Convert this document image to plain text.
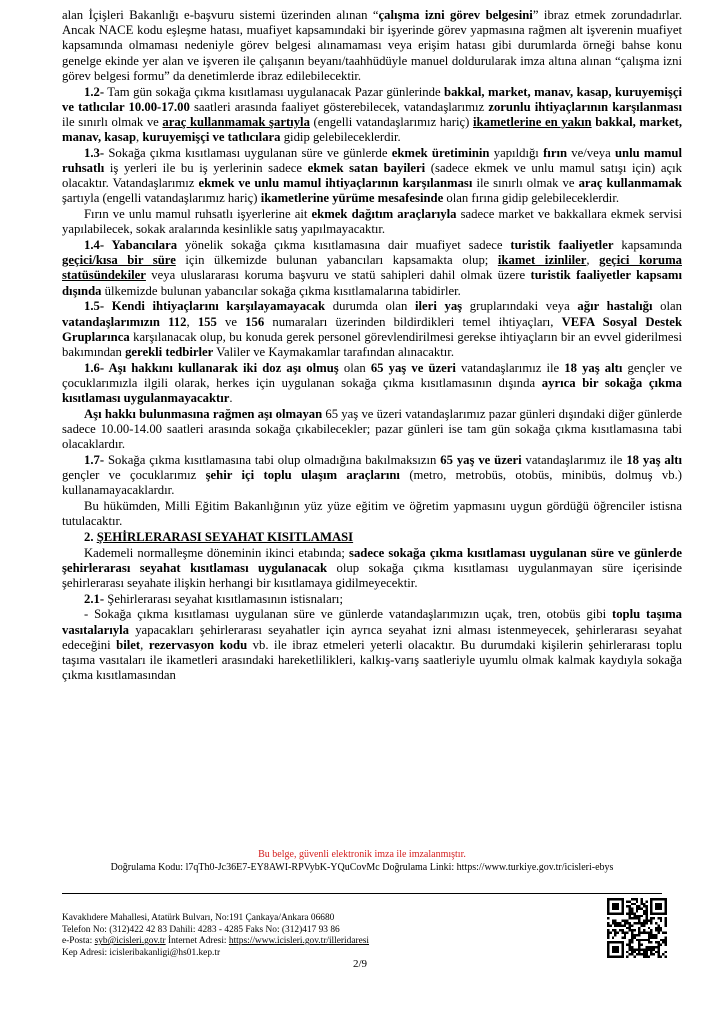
alan İçişleri Bakanlığı e-başvuru sistemi üzerinden alınan “çalışma izni görev belgesini” ibraz etmek zorundadırlar. Ancak NACE kodu eşleşme hatası, muafiyet kapsamındaki bir işyerinde görev yapmasına rağmen alt işverenin muafiyet kapsamında olmaması nedeniyle görev belgesi alınamaması veya erişim hatası gibi durumlarda örneği bahse konu genelge ekinde yer alan ve işveren ile çalışanın beyanı/taahhüdüyle manuel doldurularak imza altına alınan “çalışma izni görev belgesi formu” da denetimlerde ibraz edilebilecektir.

1.2- Tam gün sokağa çıkma kısıtlaması uygulanacak Pazar günlerinde bakkal, market, manav, kasap, kuruyemişçi ve tatlıcılar 10.00-17.00 saatleri arasında faaliyet gösterebilecek, vatandaşlarımız zorunlu ihtiyaçlarının karşılanması ile sınırlı olmak ve araç kullanmamak şartıyla (engelli vatandaşlarımız hariç) ikametlerine en yakın bakkal, market, manav, kasap, kuruyemişçi ve tatlıcılara gidip gelebileceklerdir.

1.3- Sokağa çıkma kısıtlaması uygulanan süre ve günlerde ekmek üretiminin yapıldığı fırın ve/veya unlu mamul ruhsatlı iş yerleri ile bu iş yerlerinin sadece ekmek satan bayileri (sadece ekmek ve unlu mamul satışı için) açık olacaktır. Vatandaşlarımız ekmek ve unlu mamul ihtiyaçlarının karşılanması ile sınırlı olmak ve araç kullanmamak şartıyla (engelli vatandaşlarımız hariç) ikametlerine yürüme mesafesinde olan fırına gidip gelebileceklerdir.

Fırın ve unlu mamul ruhsatlı işyerlerine ait ekmek dağıtım araçlarıyla sadece market ve bakkallara ekmek servisi yapılabilecek, sokak aralarında kesinlikle satış yapılmayacaktır.

1.4- Yabancılara yönelik sokağa çıkma kısıtlamasına dair muafiyet sadece turistik faaliyetler kapsamında geçici/kısa bir süre için ülkemizde bulunan yabancıları kapsamakta olup; ikamet izinliler, geçici koruma statüsündekiler veya uluslararası koruma başvuru ve statü sahipleri dahil olmak üzere turistik faaliyetler kapsamı dışında ülkemizde bulunan yabancılar sokağa çıkma kısıtlamalarına tabidirler.

1.5- Kendi ihtiyaçlarını karşılayamayacak durumda olan ileri yaş gruplarındaki veya ağır hastalığı olan vatandaşlarımızın 112, 155 ve 156 numaraları üzerinden bildirdikleri temel ihtiyaçları, VEFA Sosyal Destek Gruplarınca karşılanacak olup, bu konuda gerek personel görevlendirilmesi gerekse ihtiyaçların bir an evvel giderilmesi bakımından gerekli tedbirler Valiler ve Kaymakamlar tarafından alınacaktır.

1.6- Aşı hakkını kullanarak iki doz aşı olmuş olan 65 yaş ve üzeri vatandaşlarımız ile 18 yaş altı gençler ve çocuklarımızla ilgili olarak, herkes için uygulanan sokağa çıkma kısıtlamasının dışında ayrıca bir sokağa çıkma kısıtlaması uygulanmayacaktır.

Aşı hakkı bulunmasına rağmen aşı olmayan 65 yaş ve üzeri vatandaşlarımız pazar günleri dışındaki diğer günlerde sadece 10.00-14.00 saatleri arasında sokağa çıkabilecekler; pazar günleri ise tam gün sokağa çıkma kısıtlamasına tabi olacaklardır.

1.7- Sokağa çıkma kısıtlamasına tabi olup olmadığına bakılmaksızın 65 yaş ve üzeri vatandaşlarımız ile 18 yaş altı gençler ve çocuklarımız şehir içi toplu ulaşım araçlarını (metro, metrobüs, otobüs, minibüs, dolmuş vb.) kullanamayacaklardır.

Bu hükümden, Milli Eğitim Bakanlığının yüz yüze eğitim ve öğretim yapmasını uygun gördüğü öğrenciler istisna tutulacaktır.

2. ŞEHİRLERARASI SEYAHAT KISITLAMASI

Kademeli normalleşme döneminin ikinci etabında; sadece sokağa çıkma kısıtlaması uygulanan süre ve günlerde şehirlerarası seyahat kısıtlaması uygulanacak olup sokağa çıkma kısıtlaması uygulanmayan süre içerisinde şehirlerarası seyahate ilişkin herhangi bir kısıtlamaya gidilmeyecektir.

2.1- Şehirlerarası seyahat kısıtlamasının istisnaları;

- Sokağa çıkma kısıtlaması uygulanan süre ve günlerde vatandaşlarımızın uçak, tren, otobüs gibi toplu taşıma vasıtalarıyla yapacakları şehirlerarası seyahatler için ayrıca seyahat izni alması istenmeyecek, şehirlerarası seyahat edeceğini bilet, rezervasyon kodu vb. ile ibraz etmeleri yeterli olacaktır. Bu durumdaki kişilerin şehirlerarası toplu taşıma vasıtaları ile ikametleri arasındaki hareketlilikleri, kalkış-varış saatleriyle uyumlu olmak kalmak kaydıyla sokağa çıkma kısıtlamasından

Bu belge, güvenli elektronik imza ile imzalanmıştır.
Doğrulama Kodu: l7qTh0-Jc36E7-EY8AWI-RPVybK-YQuCovMc Doğrulama Linki: https://www.turkiye.gov.tr/icisleri-ebys
Kavaklıdere Mahallesi, Atatürk Bulvarı, No:191 Çankaya/Ankara 06680
Telefon No: (312)422 42 83 Dahili: 4283 - 4285 Faks No: (312)417 93 86
e-Posta: syb@icisleri.gov.tr İnternet Adresi: https://www.icisleri.gov.tr/illeridaresi
Kep Adresi: icisleribakanligi@hs01.kep.tr
2/9
